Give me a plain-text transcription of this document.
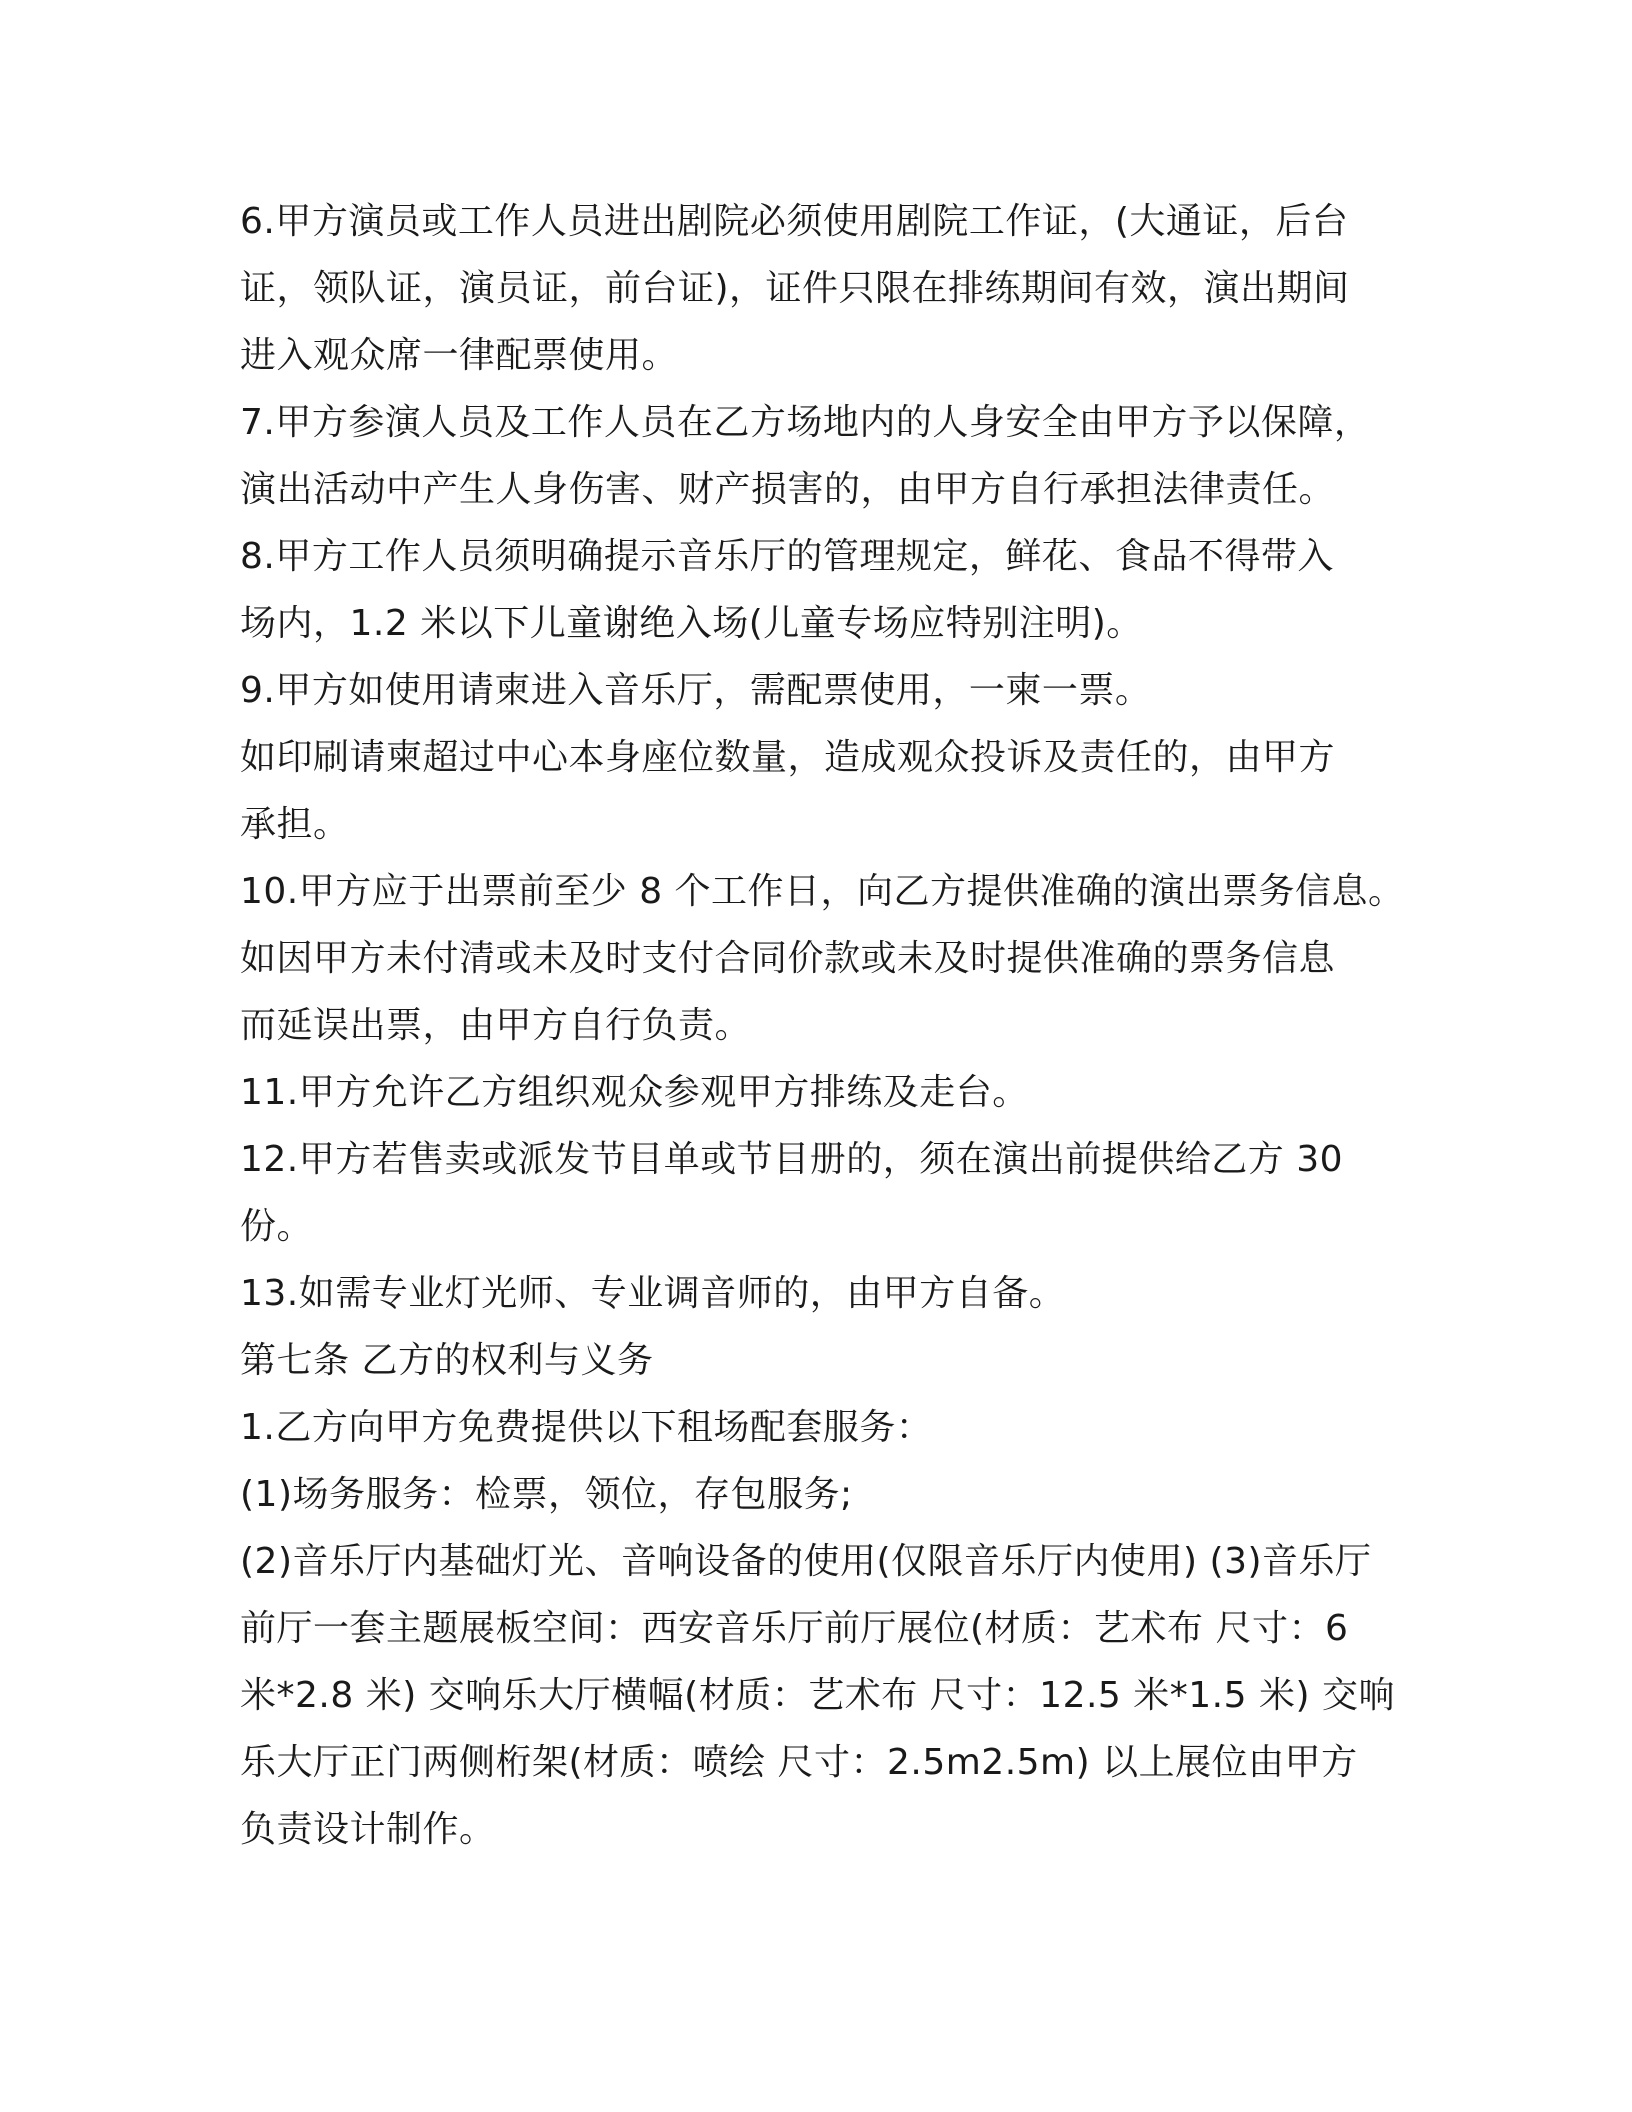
6.甲方演员或工作人员进出剧院必须使用剧院工作证，(大通证，后台
证，领队证，演员证，前台证)，证件只限在排练期间有效，演出期间
进入观众席一律配票使用。
7.甲方参演人员及工作人员在乙方场地内的人身安全由甲方予以保障，
演出活动中产生人身伤害、财产损害的，由甲方自行承担法律责任。
8.甲方工作人员须明确提示音乐厅的管理规定，鲜花、食品不得带入
场内，1.2 米以下儿童谢绝入场(儿童专场应特别注明)。
9.甲方如使用请柬进入音乐厅，需配票使用，一柬一票。
如印刷请柬超过中心本身座位数量，造成观众投诉及责任的，由甲方
承担。
10.甲方应于出票前至少 8 个工作日，向乙方提供准确的演出票务信息。
如因甲方未付清或未及时支付合同价款或未及时提供准确的票务信息
而延误出票，由甲方自行负责。
11.甲方允许乙方组织观众参观甲方排练及走台。
12.甲方若售卖或派发节目单或节目册的，须在演出前提供给乙方 30
份。
13.如需专业灯光师、专业调音师的，由甲方自备。
第七条 乙方的权利与义务
1.乙方向甲方免费提供以下租场配套服务：
(1)场务服务：检票，领位，存包服务;
(2)音乐厅内基础灯光、音响设备的使用(仅限音乐厅内使用) (3)音乐厅
前厅一套主题展板空间：西安音乐厅前厅展位(材质：艺术布 尺寸：6
米*2.8 米) 交响乐大厅横幅(材质：艺术布 尺寸：12.5 米*1.5 米) 交响
乐大厅正门两侧桁架(材质：喷绘 尺寸：2.5m2.5m) 以上展位由甲方
负责设计制作。
